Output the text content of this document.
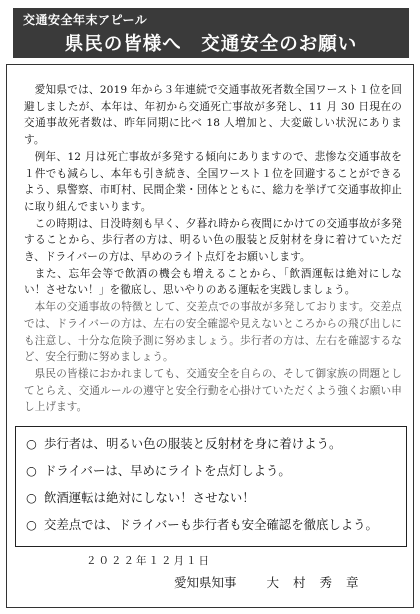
交通安全年末アピール
県民の皆様へ　交通安全のお願い

愛知県では、2019 年から３年連続で交通事故死者数全国ワースト１位を回避しましたが、本年は、年初から交通死亡事故が多発し、11 月 30 日現在の交通事故死者数は、昨年同期に比べ 18 人増加と、大変厳しい状況にあります。

例年、12 月は死亡事故が多発する傾向にありますので、悲惨な交通事故を１件でも減らし、本年も引き続き、全国ワースト１位を回避することができるよう、県警察、市町村、民間企業・団体とともに、総力を挙げて交通事故抑止に取り組んでまいります。

この時期は、日没時刻も早く、夕暮れ時から夜間にかけての交通事故が多発することから、歩行者の方は、明るい色の服装と反射材を身に着けていただき、ドライバーの方は、早めのライト点灯をお願いします。

また、忘年会等で飲酒の機会も増えることから、「飲酒運転は絶対にしない！させない！」を徹底し、思いやりのある運転を実践しましょう。

本年の交通事故の特徴として、交差点での事故が多発しております。交差点では、ドライバーの方は、左右の安全確認や見えないところからの飛び出しにも注意し、十分な危険予測に努めましょう。歩行者の方は、左右を確認するなど、安全行動に努めましょう。

県民の皆様におかれましても、交通安全を自らの、そして御家族の問題としてとらえ、交通ルールの遵守と安全行動を心掛けていただくよう強くお願い申し上げます。

○ 歩行者は、明るい色の服装と反射材を身に着けよう。
○ ドライバーは、早めにライトを点灯しよう。
○ 飲酒運転は絶対にしない！させない！
○ 交差点では、ドライバーも歩行者も安全確認を徹底しよう。
２０２２年１２月１日
愛知県知事 大村秀章
